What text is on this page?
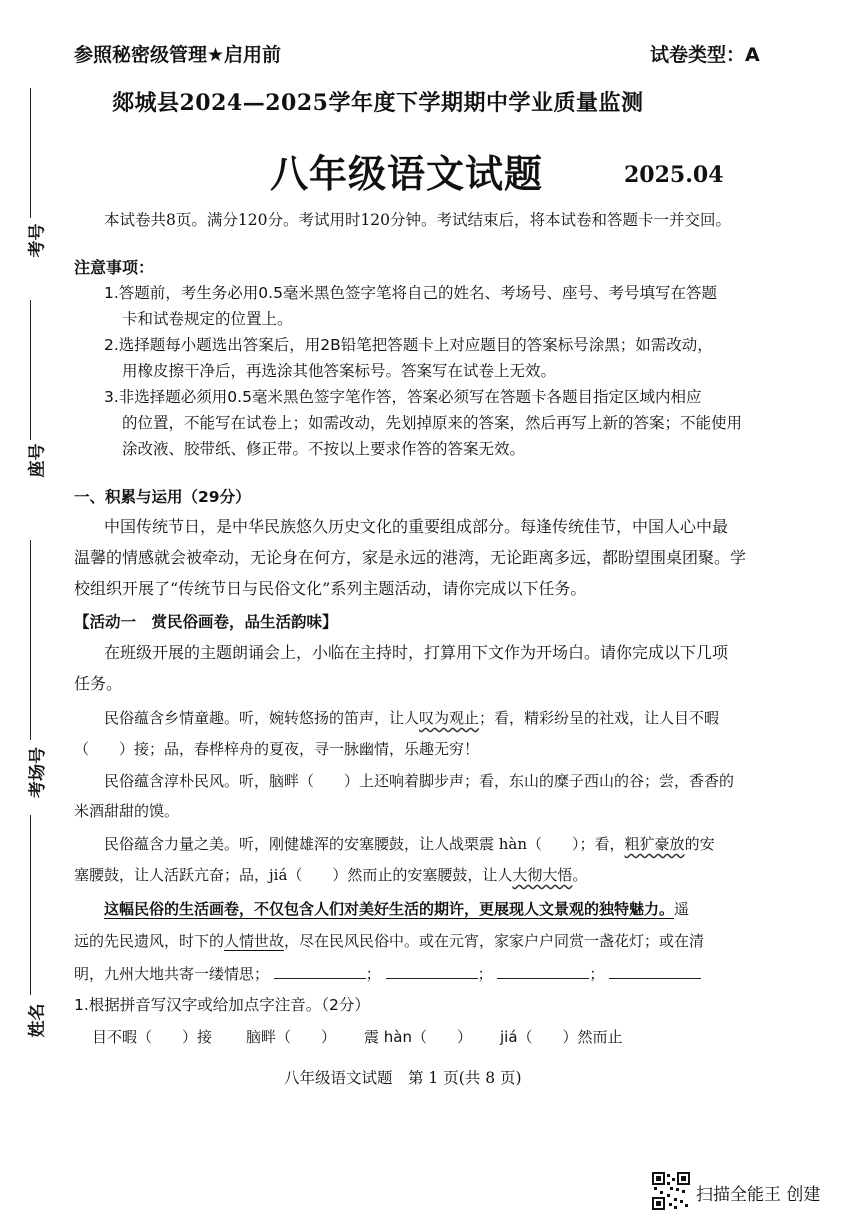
参照秘密级管理★启用前	试卷类型：A
郯城县2024—2025学年度下学期期中学业质量监测
八年级语文试题	2025.04
考号
座号
考场号
姓名
本试卷共8页。满分120分。考试用时120分钟。考试结束后，将本试卷和答题卡一并交回。
注意事项：
1.答题前，考生务必用0.5毫米黑色签字笔将自己的姓名、考场号、座号、考号填写在答题
卡和试卷规定的位置上。
2.选择题每小题选出答案后，用2B铅笔把答题卡上对应题目的答案标号涂黑；如需改动，
用橡皮擦干净后，再选涂其他答案标号。答案写在试卷上无效。
3.非选择题必须用0.5毫米黑色签字笔作答，答案必须写在答题卡各题目指定区域内相应
的位置，不能写在试卷上；如需改动，先划掉原来的答案，然后再写上新的答案；不能使用
涂改液、胶带纸、修正带。不按以上要求作答的答案无效。
一、积累与运用（29分）
中国传统节日，是中华民族悠久历史文化的重要组成部分。每逢传统佳节，中国人心中最
温馨的情感就会被牵动，无论身在何方，家是永远的港湾，无论距离多远，都盼望围桌团聚。学
校组织开展了“传统节日与民俗文化”系列主题活动，请你完成以下任务。
【活动一　赏民俗画卷，品生活韵味】
在班级开展的主题朗诵会上，小临在主持时，打算用下文作为开场白。请你完成以下几项
任务。
民俗蕴含乡情童趣。听，婉转悠扬的笛声，让人叹为观止；看，精彩纷呈的社戏，让人目不暇
（　　）接；品，春桦梓舟的夏夜，寻一脉幽情，乐趣无穷！
民俗蕴含淳朴民风。听，脑畔（　　）上还响着脚步声；看，东山的糜子西山的谷；尝，香香的
米酒甜甜的馍。
民俗蕴含力量之美。听，刚健雄浑的安塞腰鼓，让人战栗震 hàn（　　）；看，粗犷豪放的安
塞腰鼓，让人活跃亢奋；品，jiá（　　）然而止的安塞腰鼓，让人大彻大悟。
这幅民俗的生活画卷，不仅包含人们对美好生活的期许，更展现人文景观的独特魅力。遥
远的先民遗风，时下的人情世故，尽在民风民俗中。或在元宵，家家户户同赏一盏花灯；或在清
明，九州大地共寄一缕情思；	；	；	；
1.根据拼音写汉字或给加点字注音。（2分）
目不暇（　　）接 脑畔（　　） 震 hàn（　　） jiá（　　）然而止
八年级语文试题　第 1 页(共 8 页)
扫描全能王 创建
